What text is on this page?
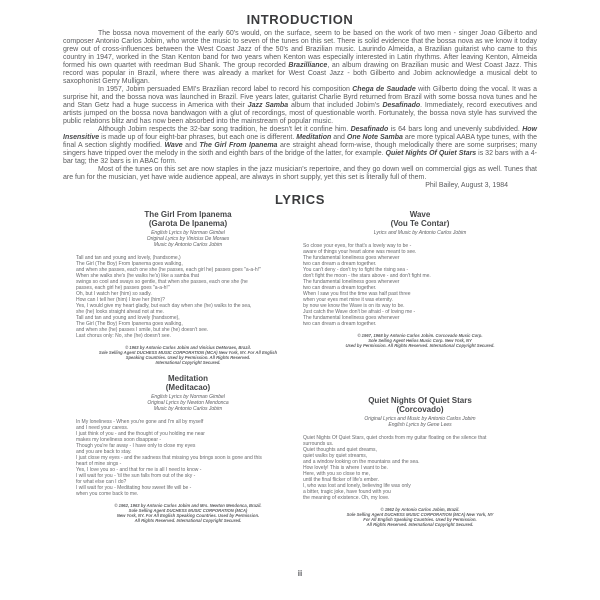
INTRODUCTION

The bossa nova movement of the early 60's would, on the surface, seem to be based on the work of two men - singer Joao Gilberto and composer Antonio Carlos Jobim, who wrote the music to seven of the tunes on this set. There is solid evidence that the bossa nova as we know it today grew out of cross-influences between the West Coast Jazz of the 50's and Brazilian music. Laurindo Almeida, a Brazilian guitarist who came to this country in 1947, worked in the Stan Kenton band for two years when Kenton was especially interested in Latin rhythms. After leaving Kenton, Almeida formed his own quartet with reedman Bud Shank. The group recorded Brazilliance, an album drawing on Brazilian music and West Coast Jazz. This record was popular in Brazil, where there was already a market for West Coast Jazz - both Gilberto and Jobim acknowledge a musical debt to saxophonist Gerry Mulligan.

In 1957, Jobim persuaded EMI's Brazilian record label to record his composition Chega de Saudade with Gilberto doing the vocal. It was a surprise hit, and the bossa nova was launched in Brazil. Five years later, guitarist Charlie Byrd returned from Brazil with some bossa nova tunes and he and Stan Getz had a huge success in America with their Jazz Samba album that included Jobim's Desafinado. Immediately, record executives and artists jumped on the bossa nova bandwagon with a glut of recordings, most of questionable worth. Fortunately, the bossa nova style has survived the public relations blitz and has now been absorbed into the mainstream of popular music.

Although Jobim respects the 32-bar song tradition, he doesn't let it confine him. Desafinado is 64 bars long and unevenly subdivided. How Insensitive is made up of four eight-bar phrases, but each one is different. Meditation and One Note Samba are more typical AABA type tunes, with the final A section slightly modified. Wave and The Girl From Ipanema are straight ahead form-wise, though melodically there are some surprises; many singers have tripped over the melody in the sixth and eighth bars of the bridge of the latter, for example. Quiet Nights Of Quiet Stars is 32 bars with a 4-bar tag; the 32 bars is in ABAC form.

Most of the tunes on this set are now staples in the jazz musician's repertoire, and they go down well on commercial gigs as well. Tunes that are fun for the musician, yet have wide audience appeal, are always in short supply, yet this set is literally full of them.

Phil Bailey, August 3, 1984
LYRICS
The Girl From Ipanema
(Garota De Ipanema)
English Lyrics by Norman Gimbel
Original Lyrics by Vinicius De Moraes
Music by Antonio Carlos Jobim
Tall and tan and young and lovely, (handsome,)
The Girl (The Boy) From Ipanema goes walking,
and when she passes, each one she (he passes, each girl he) passes goes "a-a-h!"
When she walks she's (he walks he's) like a samba that
swings so cool and sways so gentle, that when she passes, each one she (he
passes, each girl he) passes goes "a-a-h!"
Oh, but I watch her (him) so sadly.
How can I tell her (him) I love her (him)?
Yes, I would give my heart gladly, but each day when she (he) walks to the sea,
she (he) looks straight ahead not at me.
Tall and tan and young and lovely (handsome),
The Girl (The Boy) From Ipanema goes walking,
and when she (he) passes I smile, but she (he) doesn't see.
Last chorus only: No, she (he) doesn't see.
© 1963 by Antonio Carlos Jobim and Vinicius DeMoraes, Brazil.
Sole Selling Agent DUCHESS MUSIC CORPORATION (MCA) New York, NY. For All English
Speaking Countries. Used by Permission. All Rights Reserved.
International Copyright Secured.
Meditation
(Meditacao)
English Lyrics by Norman Gimbel
Original Lyrics by Newton Mendonca
Music by Antonio Carlos Jobim
In My loneliness - When you're gone and I'm all by myself
and I need your caress.
I just think of you - and the thought of you holding me near
makes my loneliness soon disappear -
Though you're far away - I have only to close my eyes
and you are back to stay.
I just close my eyes - and the sadness that missing you brings soon is gone and this
heart of mine sings -
Yes, I love you so - and that for me is all I need to know -
I will wait for you - 'til the sun falls from out of the sky -
for what else can I do?
I will wait for you - Meditating how sweet life will be -
when you come back to me.
© 1962, 1963 by Antonio Carlos Jobim and Mrs. Newton Mendonca, Brazil.
Sole Selling Agent DUCHESS MUSIC CORPORATION (MCA)
New York, NY. For All English Speaking Countries. Used by Permission.
All Rights Reserved. International Copyright Secured.
Wave
(Vou Te Contar)
Lyrics and Music by Antonio Carlos Jobim
So close your eyes, for that's a lovely way to be -
aware of things your heart alone was meant to see.
The fundamental loneliness goes whenever
two can dream a dream together.
You can't deny - don't try to fight the rising sea -
don't fight the moon - the stars above - and don't fight me.
The fundamental loneliness goes whenever
two can dream a dream together.
When I saw you first the time was half past three
when your eyes met mine it was eternity.
by now we know the Wave is on its way to be.
Just catch the Wave don't be afraid - of loving me -
The fundamental loneliness goes whenever
two can dream a dream together.
© 1967, 1968 by Antonio Carlos Jobim. Corcovado Music Corp.
Sole Selling Agent Helios Music Corp. New York, NY
Used by Permission. All Rights Reserved. International Copyright Secured.
Quiet Nights Of Quiet Stars
(Corcovado)
Original Lyrics and Music by Antonio Carlos Jobim
English Lyrics by Gene Lees
Quiet Nights Of Quiet Stars, quiet chords from my guitar floating on the silence that
surrounds us.
Quiet thoughts and quiet dreams,
quiet walks by quiet streams,
and a window looking on the mountains and the sea.
How lovely! This is where I want to be.
Here, with you so close to me,
until the final flicker of life's ember.
I, who was lost and lonely, believing life was only
a bitter, tragic joke, have found with you
the meaning of existence. Oh, my love.
© 1962 by Antonio Carlos Jobim, Brazil.
Sole Selling Agent DUCHESS MUSIC CORPORATION (MCA) New York, NY
For All English Speaking Countries. Used by Permission.
All Rights Reserved. International Copyright Secured.
ii
